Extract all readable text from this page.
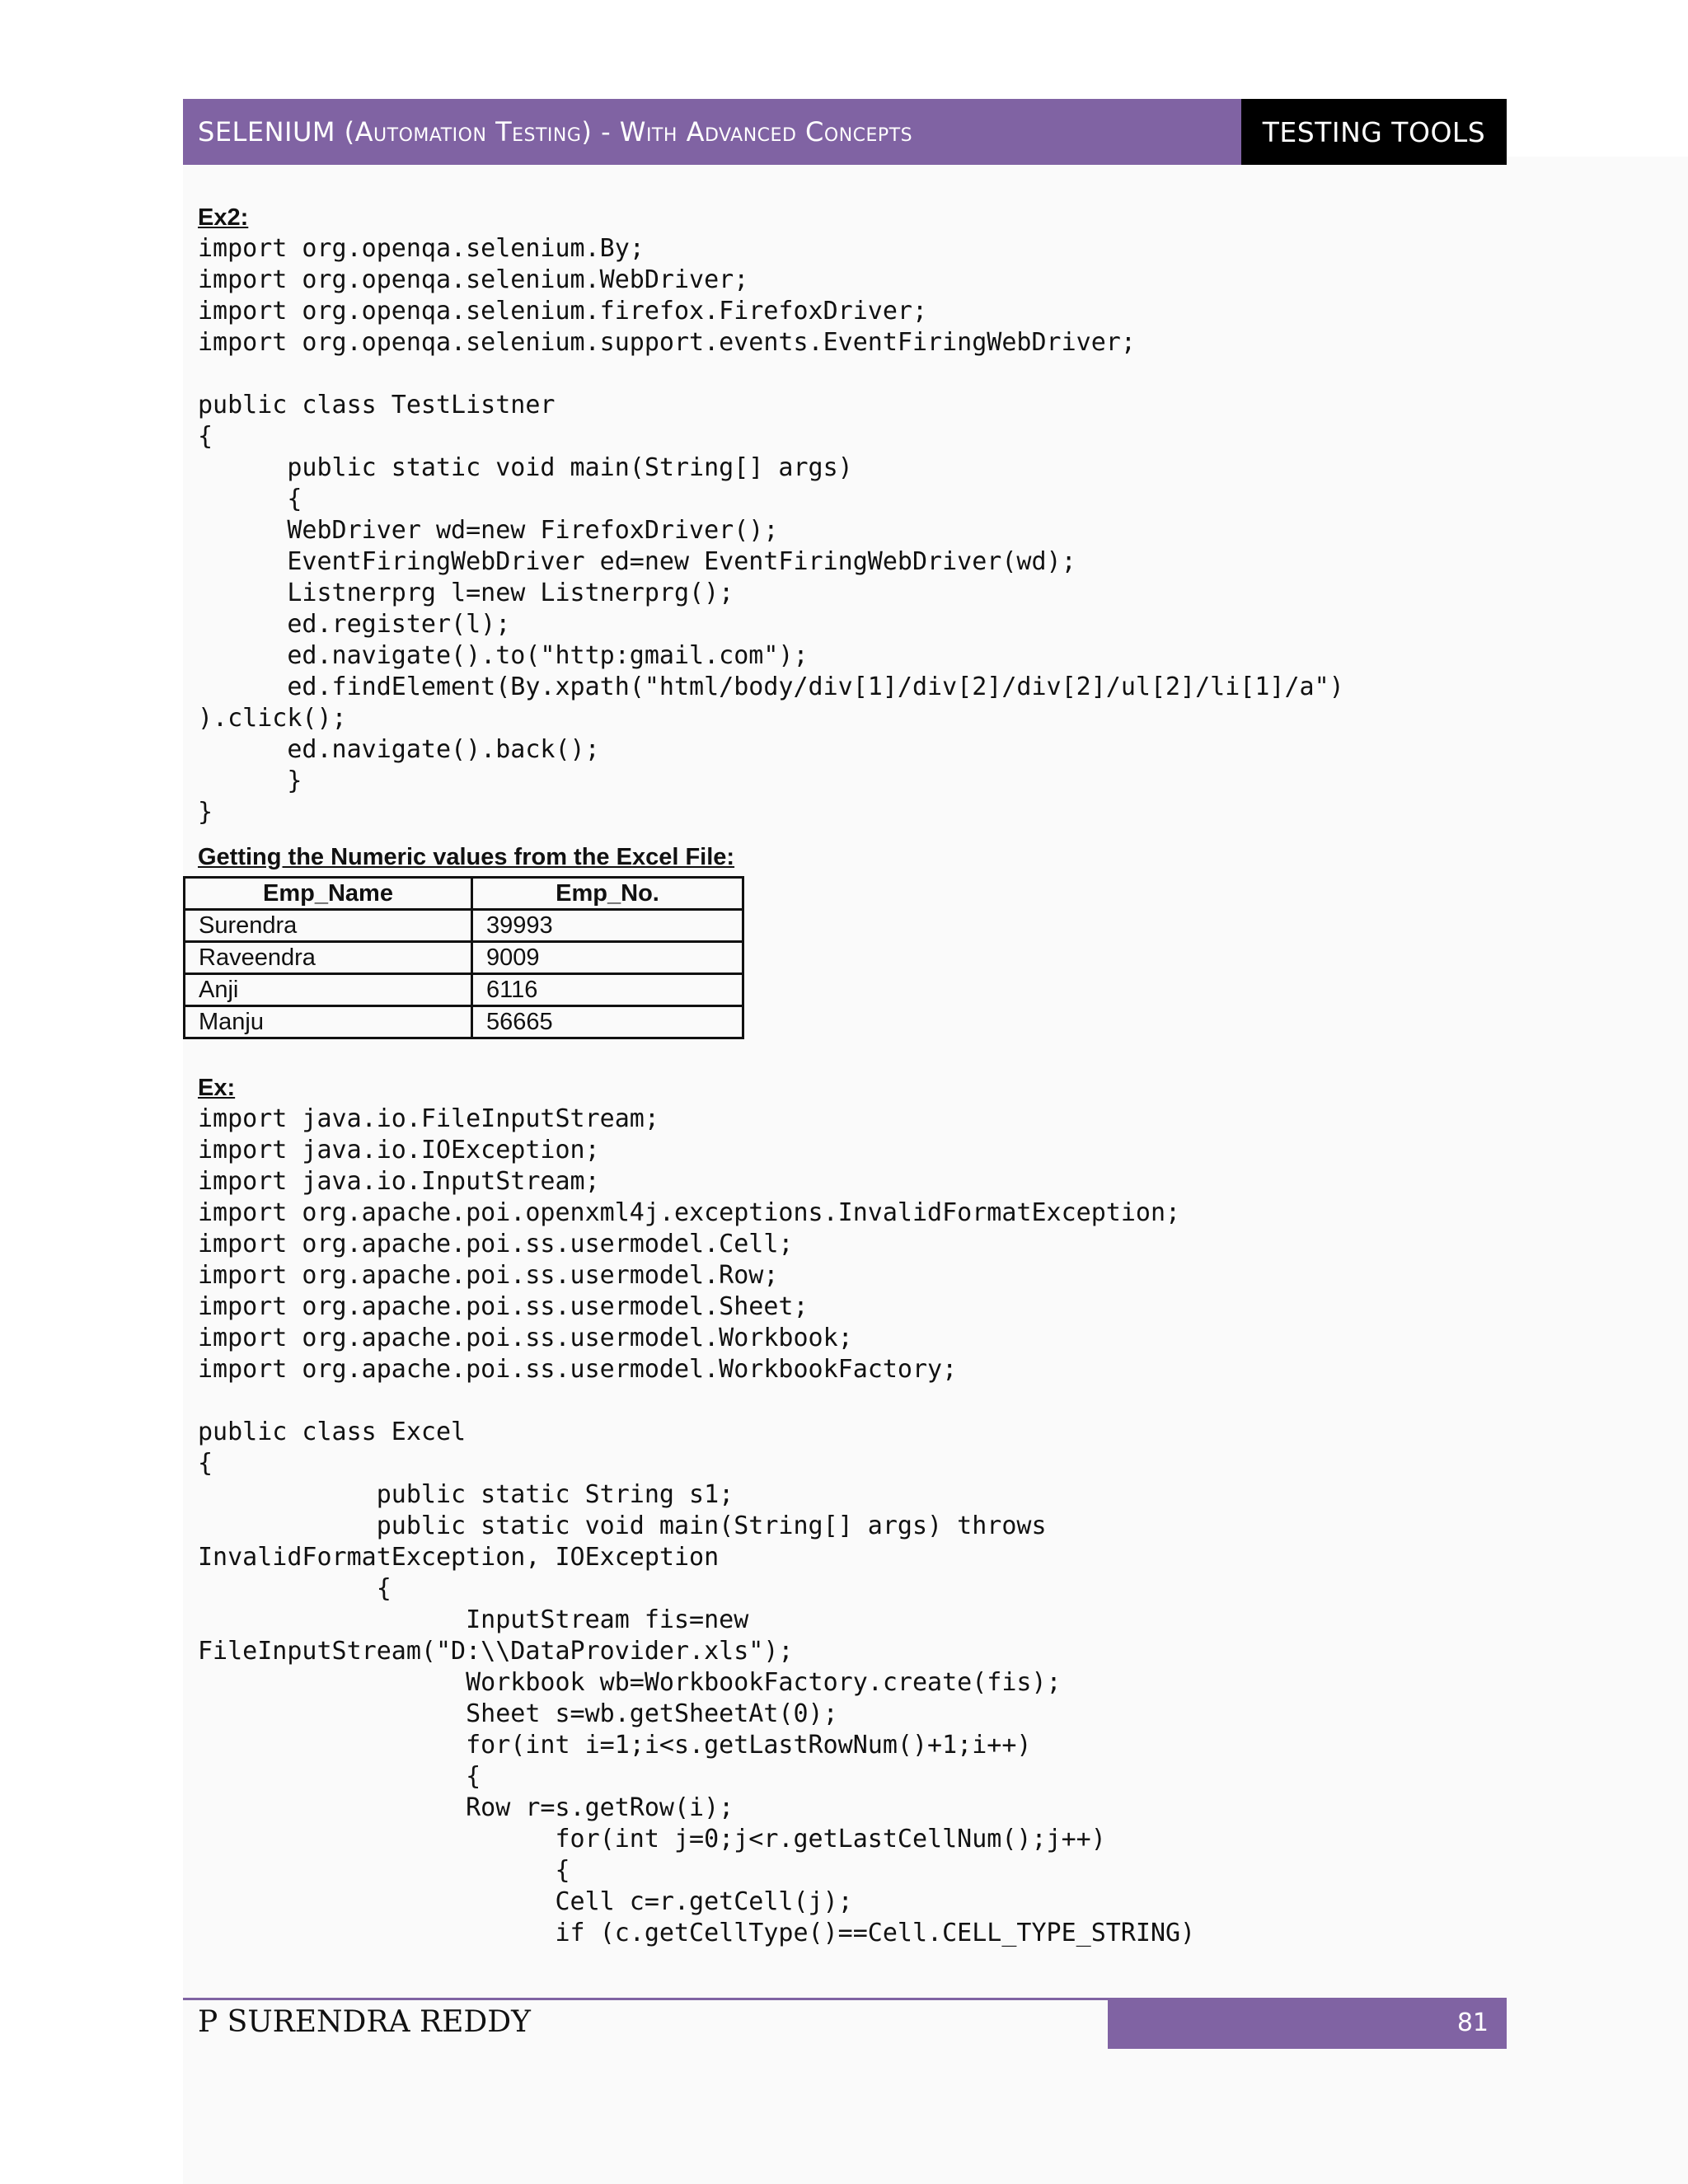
SELENIUM (Automation Testing) - With Advanced Concepts	TESTING TOOLS
Ex2:
import org.openqa.selenium.By;
import org.openqa.selenium.WebDriver;
import org.openqa.selenium.firefox.FirefoxDriver;
import org.openqa.selenium.support.events.EventFiringWebDriver;
public class TestListner
{
public static void main(String[] args)
{
WebDriver wd=new FirefoxDriver();
EventFiringWebDriver ed=new EventFiringWebDriver(wd);
Listnerprg l=new Listnerprg();
ed.register(l);
ed.navigate().to("http:gmail.com");
ed.findElement(By.xpath("html/body/div[1]/div[2]/div[2]/ul[2]/li[1]/a")
).click();
ed.navigate().back();
}
}
Getting the Numeric values from the Excel File:
Emp_Name	Emp_No.
Surendra	39993
Raveendra	9009
Anji	6116
Manju	56665
Ex:
import java.io.FileInputStream;
import java.io.IOException;
import java.io.InputStream;
import org.apache.poi.openxml4j.exceptions.InvalidFormatException;
import org.apache.poi.ss.usermodel.Cell;
import org.apache.poi.ss.usermodel.Row;
import org.apache.poi.ss.usermodel.Sheet;
import org.apache.poi.ss.usermodel.Workbook;
import org.apache.poi.ss.usermodel.WorkbookFactory;
public class Excel
{
public static String s1;
public static void main(String[] args) throws
InvalidFormatException, IOException
{
InputStream fis=new
FileInputStream("D:\\DataProvider.xls");
Workbook wb=WorkbookFactory.create(fis);
Sheet s=wb.getSheetAt(0);
for(int i=1;i<s.getLastRowNum()+1;i++)
{
Row r=s.getRow(i);
for(int j=0;j<r.getLastCellNum();j++)
{
Cell c=r.getCell(j);
if (c.getCellType()==Cell.CELL_TYPE_STRING)
P SURENDRA REDDY	81
